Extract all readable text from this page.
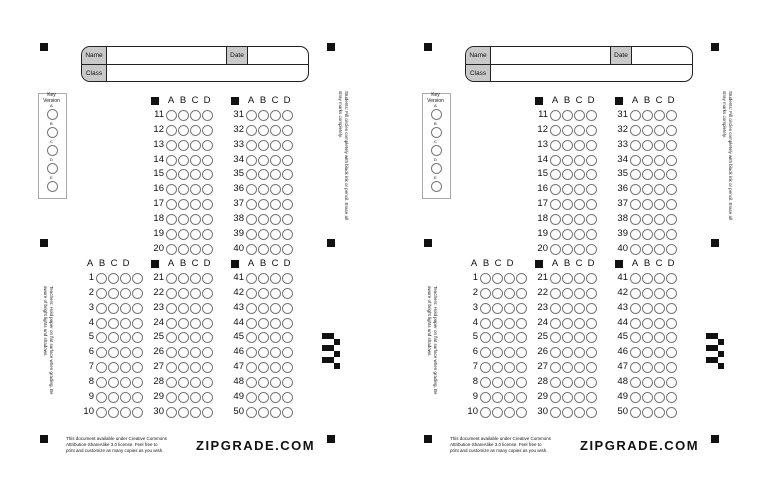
Name	Date
Class
Key
Version
A
B
C
D
E	Students: Fill circles completely with black ink or pencil. Erase all stray marks completely.
Teachers: Hold paper on flat surface when grading. Be aware of bright lights and shadows.
A B C D
11
12
13
14
15
16
17
18
19
20
A B C D
31
32
33
34
35
36
37
38
39
40
A B C D
1
2
3
4
5
6
7
8
9
10
A B C D
21
22
23
24
25
26
27
28
29
30
A B C D
41
42
43
44
45
46
47
48
49
50
This document available under Creative Commons
Attribution-ShareAlike 3.0 license. Feel free to
print and customize as many copies as you wish. ZIPGRADE.COM
Name	Date
Class
Key
Version
A
B
C
D
E	Students: Fill circles completely with black ink or pencil. Erase all stray marks completely.
Teachers: Hold paper on flat surface when grading. Be aware of bright lights and shadows.
A B C D
11
12
13
14
15
16
17
18
19
20
A B C D
31
32
33
34
35
36
37
38
39
40
A B C D
1
2
3
4
5
6
7
8
9
10
A B C D
21
22
23
24
25
26
27
28
29
30
A B C D
41
42
43
44
45
46
47
48
49
50
This document available under Creative Commons
Attribution-ShareAlike 3.0 license. Feel free to
print and customize as many copies as you wish. ZIPGRADE.COM
